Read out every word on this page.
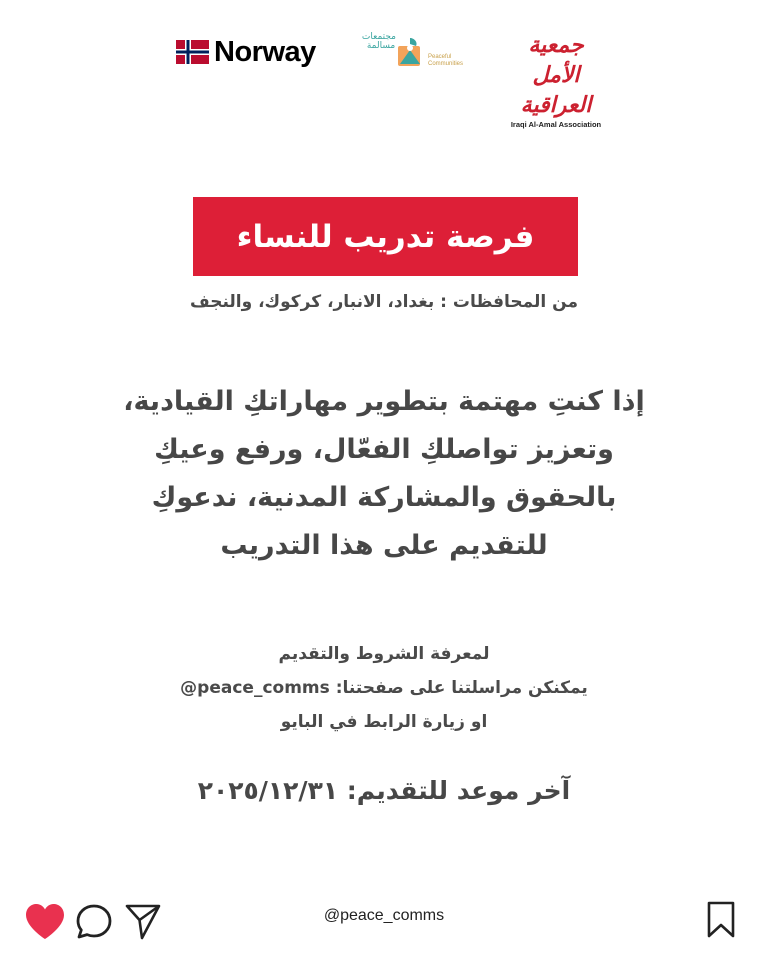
Norway	مجتمعات مسالمة
Peaceful Communities
جمعية الأمل العراقية
Iraqi Al-Amal Association
فرصة تدريب للنساء
من المحافظات : بغداد، الانبار، كركوك، والنجف
إذا كنتِ مهتمة بتطوير مهاراتكِ القيادية،
وتعزيز تواصلكِ الفعّال، ورفع وعيكِ
بالحقوق والمشاركة المدنية، ندعوكِ
للتقديم على هذا التدريب
لمعرفة الشروط والتقديم
يمكنكن مراسلتنا على صفحتنا: @peace_comms
او زيارة الرابط في البايو
آخر موعد للتقديم: ٢٠٢٥/١٢/٣١
@peace_comms
